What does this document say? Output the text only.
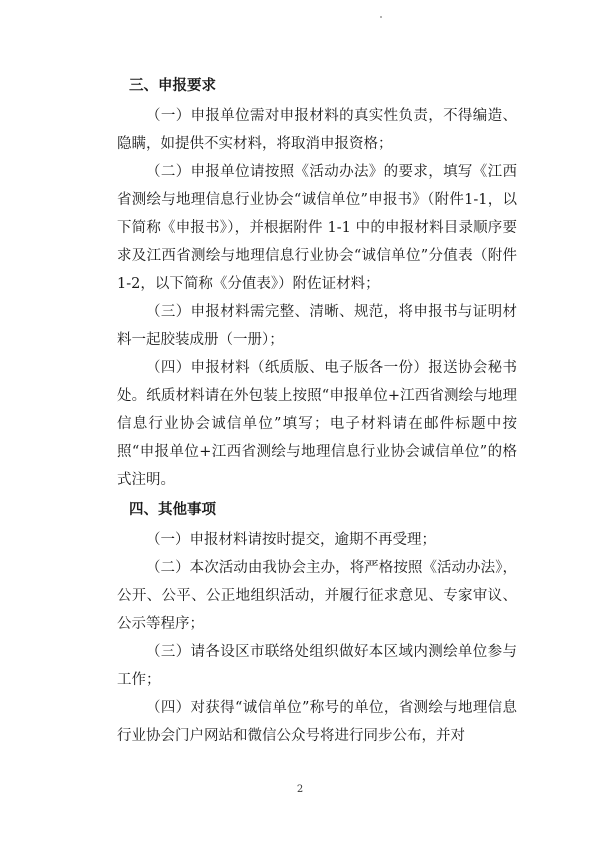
三、申报要求

（一）申报单位需对申报材料的真实性负责，不得编造、隐瞒，如提供不实材料，将取消申报资格；

（二）申报单位请按照《活动办法》的要求，填写《江西省测绘与地理信息行业协会“诚信单位”申报书》（附件1-1，以下简称《申报书》），并根据附件 1-1 中的申报材料目录顺序要求及江西省测绘与地理信息行业协会“诚信单位”分值表（附件 1-2，以下简称《分值表》）附佐证材料；

（三）申报材料需完整、清晰、规范，将申报书与证明材料一起胶装成册（一册）；

（四）申报材料（纸质版、电子版各一份）报送协会秘书处。纸质材料请在外包装上按照“申报单位+江西省测绘与地理信息行业协会诚信单位”填写；电子材料请在邮件标题中按照“申报单位+江西省测绘与地理信息行业协会诚信单位”的格式注明。

四、其他事项

（一）申报材料请按时提交，逾期不再受理；

（二）本次活动由我协会主办，将严格按照《活动办法》，公开、公平、公正地组织活动，并履行征求意见、专家审议、公示等程序；

（三）请各设区市联络处组织做好本区域内测绘单位参与工作；

（四）对获得“诚信单位”称号的单位，省测绘与地理信息行业协会门户网站和微信公众号将进行同步公布，并对

2
